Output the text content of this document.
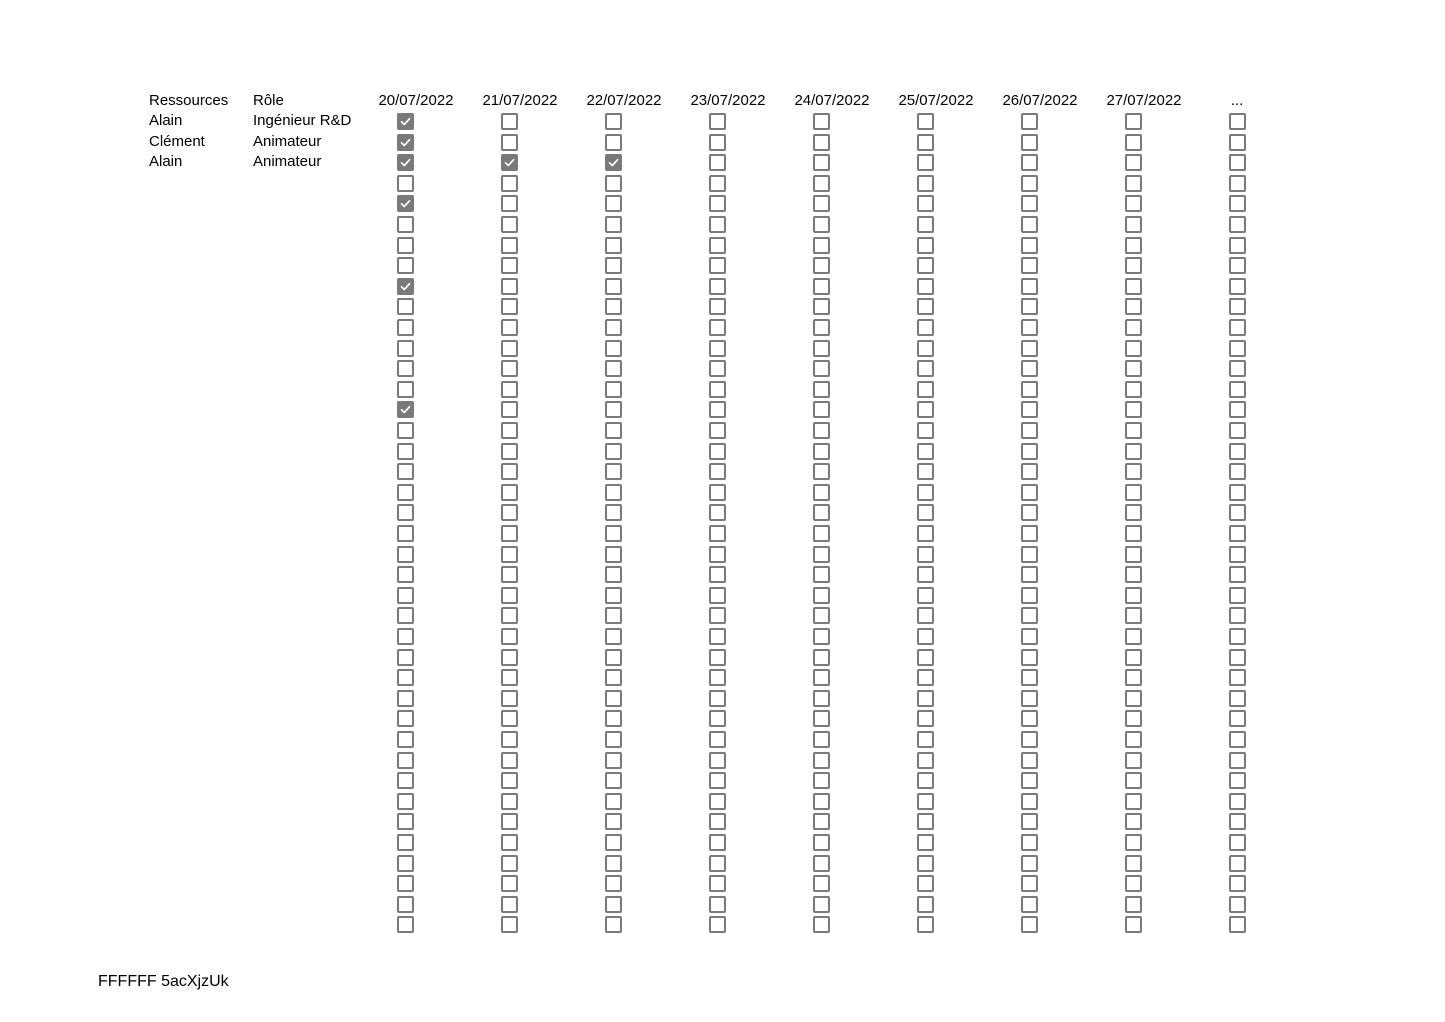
Ressources Rôle	20/07/2022	21/07/2022	22/07/2022	23/07/2022	24/07/2022	25/07/2022	26/07/2022	27/07/2022	...
Alain	Ingénieur R&D
Clément	Animateur
Alain	Animateur
FFFFFF 5acXjzUk
